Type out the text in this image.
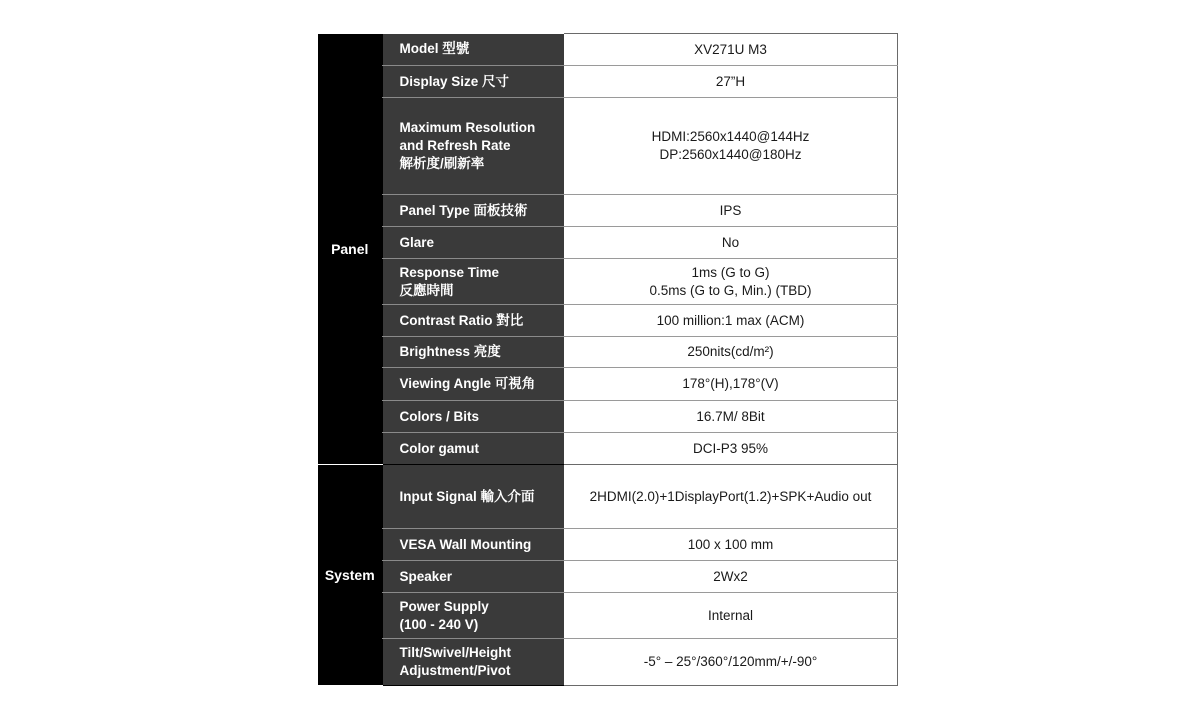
Panel	Model 型號	XV271U M3

	Display Size 尺寸	27”H

	Maximum Resolution
and Refresh Rate
解析度/刷新率	HDMI:2560x1440@144Hz
DP:2560x1440@180Hz

	Panel Type 面板技術	IPS

	Glare	No

	Response Time
反應時間	1ms (G to G)
0.5ms (G to G, Min.) (TBD)

	Contrast Ratio 對比	100 million:1 max (ACM)

	Brightness 亮度	250nits(cd/m²)

	Viewing Angle 可視角	178°(H),178°(V)

	Colors / Bits	16.7M/ 8Bit

	Color gamut	DCI-P3 95%

System	Input Signal 輸入介面	2HDMI(2.0)+1DisplayPort(1.2)+SPK+Audio out

	VESA Wall Mounting	100 x 100 mm

	Speaker	2Wx2

	Power Supply
(100 - 240 V)	Internal

	Tilt/Swivel/Height
Adjustment/Pivot	-5° – 25°/360°/120mm/+/-90°
